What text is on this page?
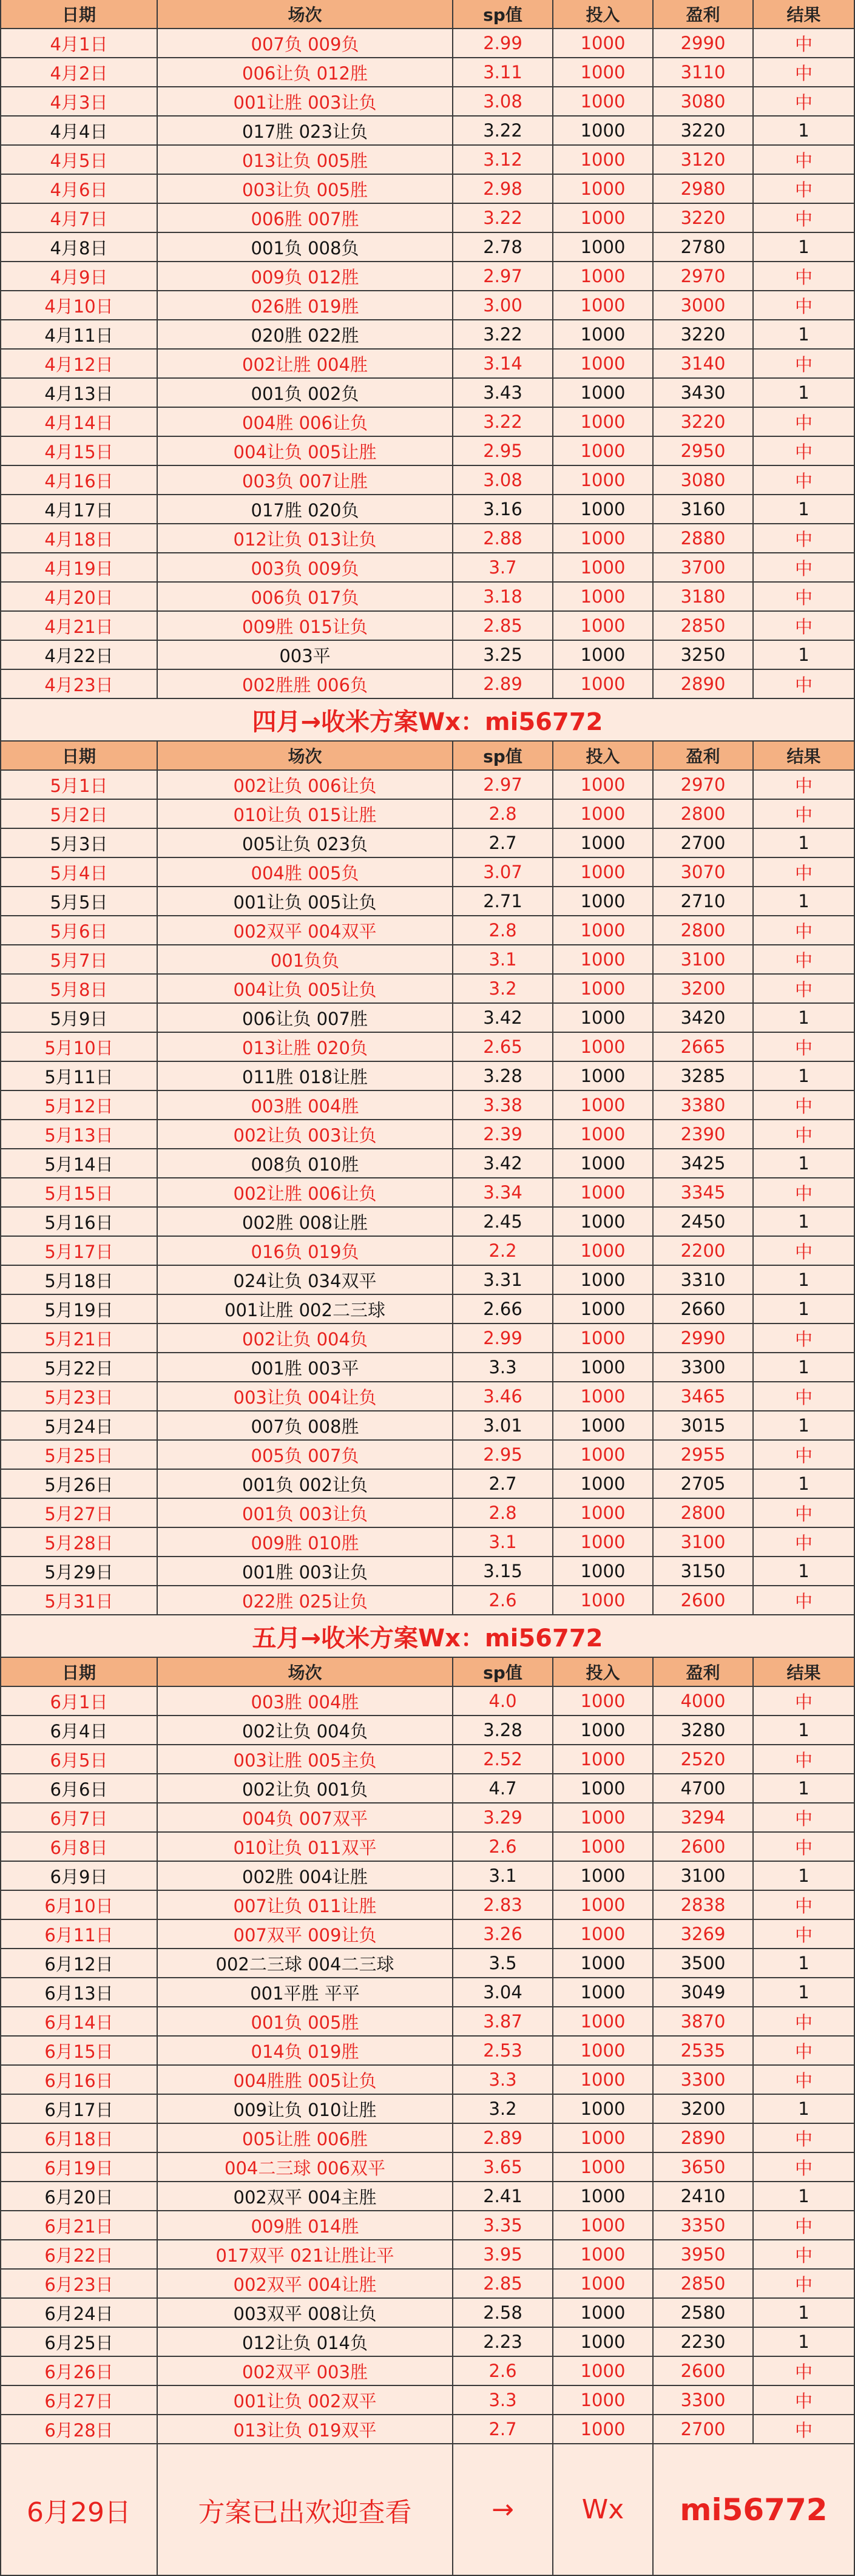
日期	场次	sp值	投入	盈利	结果
4月1日	007负 009负	2.99	1000	2990	中
4月2日	006让负 012胜	3.11	1000	3110	中
4月3日	001让胜 003让负	3.08	1000	3080	中
4月4日	017胜 023让负	3.22	1000	3220	1
4月5日	013让负 005胜	3.12	1000	3120	中
4月6日	003让负 005胜	2.98	1000	2980	中
4月7日	006胜 007胜	3.22	1000	3220	中
4月8日	001负 008负	2.78	1000	2780	1
4月9日	009负 012胜	2.97	1000	2970	中
4月10日	026胜 019胜	3.00	1000	3000	中
4月11日	020胜 022胜	3.22	1000	3220	1
4月12日	002让胜 004胜	3.14	1000	3140	中
4月13日	001负 002负	3.43	1000	3430	1
4月14日	004胜 006让负	3.22	1000	3220	中
4月15日	004让负 005让胜	2.95	1000	2950	中
4月16日	003负 007让胜	3.08	1000	3080	中
4月17日	017胜 020负	3.16	1000	3160	1
4月18日	012让负 013让负	2.88	1000	2880	中
4月19日	003负 009负	3.7	1000	3700	中
4月20日	006负 017负	3.18	1000	3180	中
4月21日	009胜 015让负	2.85	1000	2850	中
4月22日	003平	3.25	1000	3250	1
4月23日	002胜胜 006负	2.89	1000	2890	中
四月→收米方案Wx：mi56772
日期	场次	sp值	投入	盈利	结果
5月1日	002让负 006让负	2.97	1000	2970	中
5月2日	010让负 015让胜	2.8	1000	2800	中
5月3日	005让负 023负	2.7	1000	2700	1
5月4日	004胜 005负	3.07	1000	3070	中
5月5日	001让负 005让负	2.71	1000	2710	1
5月6日	002双平 004双平	2.8	1000	2800	中
5月7日	001负负	3.1	1000	3100	中
5月8日	004让负 005让负	3.2	1000	3200	中
5月9日	006让负 007胜	3.42	1000	3420	1
5月10日	013让胜 020负	2.65	1000	2665	中
5月11日	011胜 018让胜	3.28	1000	3285	1
5月12日	003胜 004胜	3.38	1000	3380	中
5月13日	002让负 003让负	2.39	1000	2390	中
5月14日	008负 010胜	3.42	1000	3425	1
5月15日	002让胜 006让负	3.34	1000	3345	中
5月16日	002胜 008让胜	2.45	1000	2450	1
5月17日	016负 019负	2.2	1000	2200	中
5月18日	024让负 034双平	3.31	1000	3310	1
5月19日	001让胜 002二三球	2.66	1000	2660	1
5月21日	002让负 004负	2.99	1000	2990	中
5月22日	001胜 003平	3.3	1000	3300	1
5月23日	003让负 004让负	3.46	1000	3465	中
5月24日	007负 008胜	3.01	1000	3015	1
5月25日	005负 007负	2.95	1000	2955	中
5月26日	001负 002让负	2.7	1000	2705	1
5月27日	001负 003让负	2.8	1000	2800	中
5月28日	009胜 010胜	3.1	1000	3100	中
5月29日	001胜 003让负	3.15	1000	3150	1
5月31日	022胜 025让负	2.6	1000	2600	中
五月→收米方案Wx：mi56772
日期	场次	sp值	投入	盈利	结果
6月1日	003胜 004胜	4.0	1000	4000	中
6月4日	002让负 004负	3.28	1000	3280	1
6月5日	003让胜 005主负	2.52	1000	2520	中
6月6日	002让负 001负	4.7	1000	4700	1
6月7日	004负 007双平	3.29	1000	3294	中
6月8日	010让负 011双平	2.6	1000	2600	中
6月9日	002胜 004让胜	3.1	1000	3100	1
6月10日	007让负 011让胜	2.83	1000	2838	中
6月11日	007双平 009让负	3.26	1000	3269	中
6月12日	002二三球 004二三球	3.5	1000	3500	1
6月13日	001平胜 平平	3.04	1000	3049	1
6月14日	001负 005胜	3.87	1000	3870	中
6月15日	014负 019胜	2.53	1000	2535	中
6月16日	004胜胜 005让负	3.3	1000	3300	中
6月17日	009让负 010让胜	3.2	1000	3200	1
6月18日	005让胜 006胜	2.89	1000	2890	中
6月19日	004二三球 006双平	3.65	1000	3650	中
6月20日	002双平 004主胜	2.41	1000	2410	1
6月21日	009胜 014胜	3.35	1000	3350	中
6月22日	017双平 021让胜让平	3.95	1000	3950	中
6月23日	002双平 004让胜	2.85	1000	2850	中
6月24日	003双平 008让负	2.58	1000	2580	1
6月25日	012让负 014负	2.23	1000	2230	1
6月26日	002双平 003胜	2.6	1000	2600	中
6月27日	001让负 002双平	3.3	1000	3300	中
6月28日	013让负 019双平	2.7	1000	2700	中
6月29日	方案已出欢迎查看	→	Wx	mi56772
